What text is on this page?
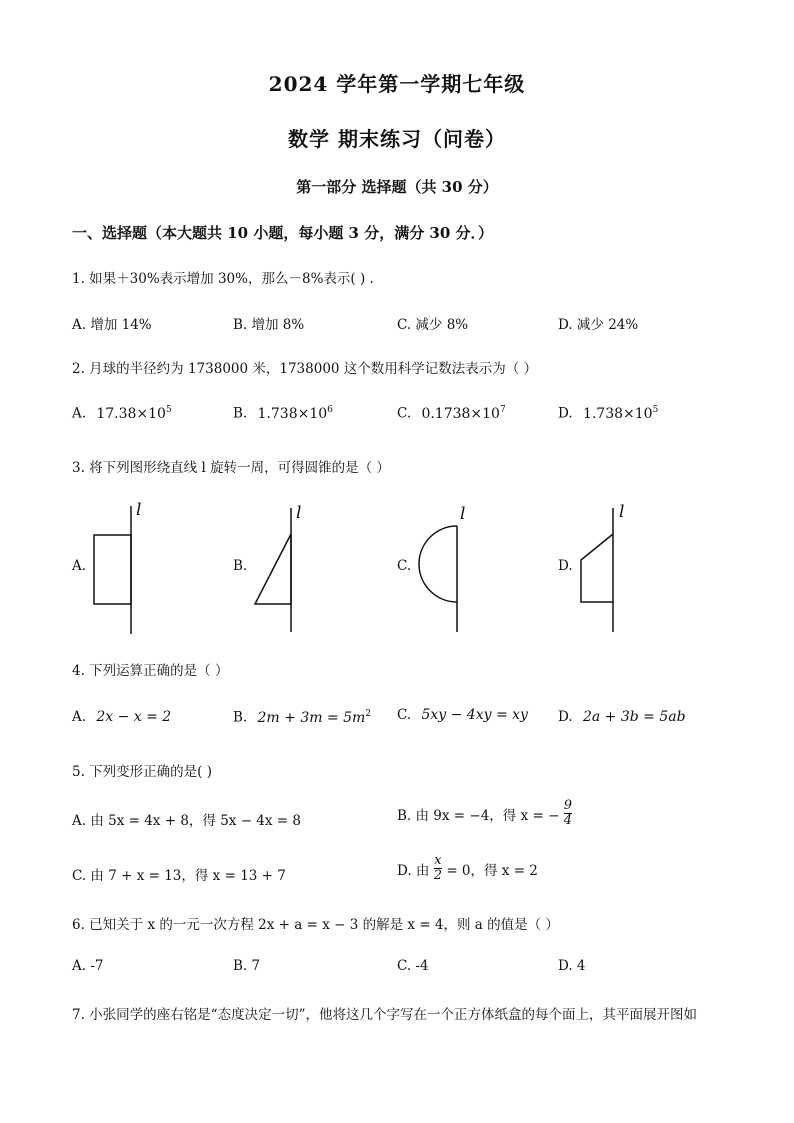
2024 学年第一学期七年级
数学 期末练习（问卷）
第一部分 选择题（共 30 分）
一、选择题（本大题共 10 小题，每小题 3 分，满分 30 分．）
1. 如果＋30%表示增加 30%，那么－8%表示( ) .
A. 增加 14%	B. 增加 8%	C. 减少 8%	D. 减少 24%
2. 月球的半径约为 1738000 米，1738000 这个数用科学记数法表示为（ ）
A. $17.38\times 10^5$	B. $1.738\times 10^6$	C. $0.1738\times 10^7$	D. $1.738\times 10^5$
3. 将下列图形绕直线 l 旋转一周，可得圆锥的是（ ）
A.
l
B.
l
C.
l
D.
l
4. 下列运算正确的是（ ）
A. 2x − x = 2	B. $2m + 3m = 5m^2$ C. 5xy − 4xy = xy D. 2a + 3b = 5ab
5. 下列变形正确的是( )
A. 由 5x = 4x + 8，得 5x − 4x = 8	B. 由 9x = −4，得 x = − $\frac{9}{4}$
C. 由 7 + x = 13，得 x = 13 + 7	D. 由 $\frac{x}{2} = 0$，得 x = 2
6. 已知关于 x 的一元一次方程 2x + a = x − 3 的解是 x = 4，则 a 的值是（ ）
A. -7	B. 7	C. -4	D. 4
7. 小张同学的座右铭是“态度决定一切”，他将这几个字写在一个正方体纸盒的每个面上，其平面展开图如
